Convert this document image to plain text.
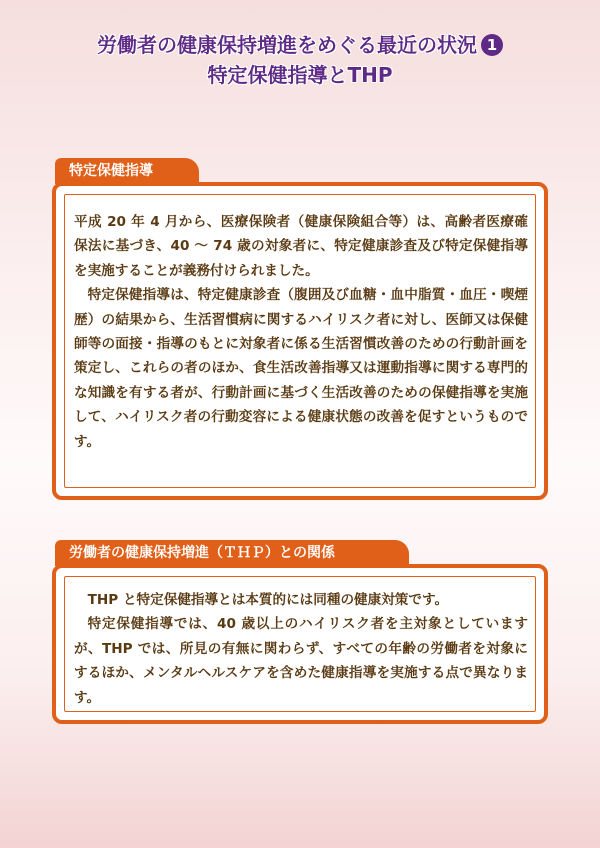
労働者の健康保持増進をめぐる最近の状況 1
特定保健指導とTHP
特定保健指導

平成 20 年 4 月から、医療保険者（健康保険組合等）は、高齢者医療確保法に基づき、40 〜 74 歳の対象者に、特定健康診査及び特定保健指導を実施することが義務付けられました。

特定保健指導は、特定健康診査（腹囲及び血糖・血中脂質・血圧・喫煙歴）の結果から、生活習慣病に関するハイリスク者に対し、医師又は保健師等の面接・指導のもとに対象者に係る生活習慣改善のための行動計画を策定し、これらの者のほか、食生活改善指導又は運動指導に関する専門的な知識を有する者が、行動計画に基づく生活改善のための保健指導を実施して、ハイリスク者の行動変容による健康状態の改善を促すというものです。

労働者の健康保持増進（ＴＨＰ）との関係

THP と特定保健指導とは本質的には同種の健康対策です。

特定保健指導では、40 歳以上のハイリスク者を主対象としていますが、THP では、所見の有無に関わらず、すべての年齢の労働者を対象にするほか、メンタルヘルスケアを含めた健康指導を実施する点で異なります。
